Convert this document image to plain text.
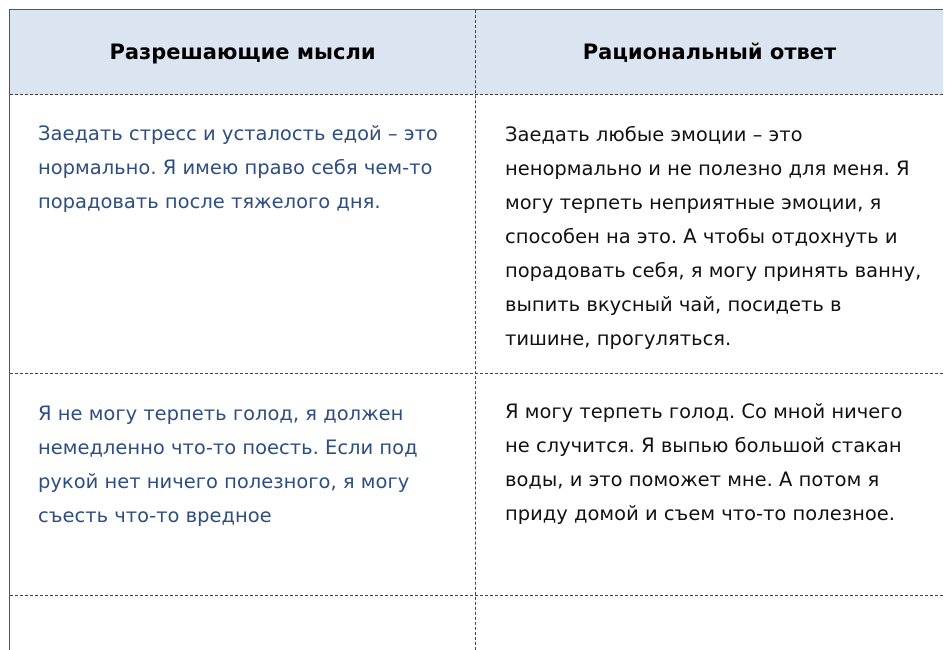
Разрешающие мысли	Рациональный ответ

Заедать стресс и усталость едой – это нормально. Я имею право себя чем-то порадовать после тяжелого дня.

Заедать любые эмоции – это ненормально и не полезно для меня. Я могу терпеть неприятные эмоции, я способен на это. А чтобы отдохнуть и порадовать себя, я могу принять ванну, выпить вкусный чай, посидеть в тишине, прогуляться.

Я не могу терпеть голод, я должен немедленно что-то поесть. Если под рукой нет ничего полезного, я могу съесть что-то вредное

Я могу терпеть голод. Со мной ничего не случится. Я выпью большой стакан воды, и это поможет мне. А потом я приду домой и съем что-то полезное.
